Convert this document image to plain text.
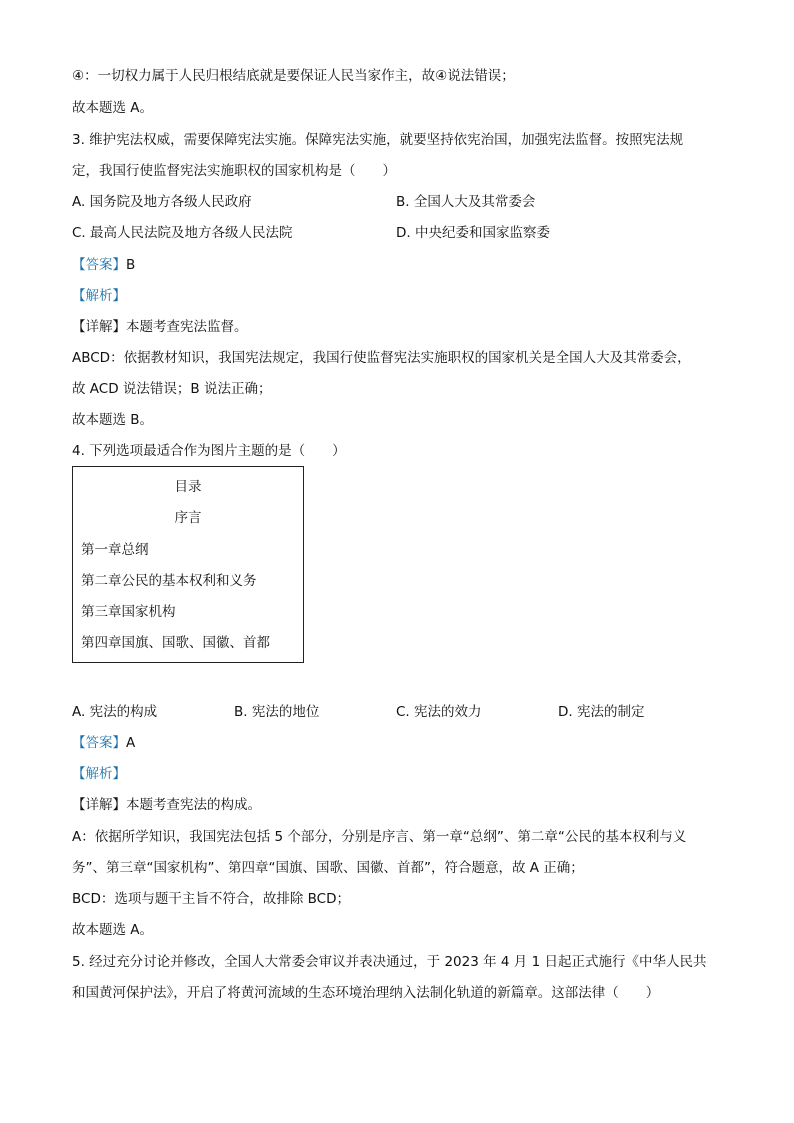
④：一切权力属于人民归根结底就是要保证人民当家作主，故④说法错误；
故本题选 A。
3. 维护宪法权威，需要保障宪法实施。保障宪法实施，就要坚持依宪治国，加强宪法监督。按照宪法规
定，我国行使监督宪法实施职权的国家机构是（　　）
A. 国务院及地方各级人民政府	B. 全国人大及其常委会
C. 最高人民法院及地方各级人民法院	D. 中央纪委和国家监察委
【答案】B
【解析】
【详解】本题考查宪法监督。
ABCD：依据教材知识，我国宪法规定，我国行使监督宪法实施职权的国家机关是全国人大及其常委会，
故 ACD 说法错误；B 说法正确；
故本题选 B。
4. 下列选项最适合作为图片主题的是（　　）
目录
序言
第一章总纲
第二章公民的基本权利和义务
第三章国家机构
第四章国旗、国歌、国徽、首都
A. 宪法的构成	B. 宪法的地位	C. 宪法的效力	D. 宪法的制定
【答案】A
【解析】
【详解】本题考查宪法的构成。
A：依据所学知识，我国宪法包括 5 个部分，分别是序言、第一章“总纲”、第二章“公民的基本权利与义
务”、第三章“国家机构”、第四章“国旗、国歌、国徽、首都”，符合题意，故 A 正确；
BCD：选项与题干主旨不符合，故排除 BCD；
故本题选 A。
5. 经过充分讨论并修改，全国人大常委会审议并表决通过，于 2023 年 4 月 1 日起正式施行《中华人民共
和国黄河保护法》，开启了将黄河流域的生态环境治理纳入法制化轨道的新篇章。这部法律（　　）
